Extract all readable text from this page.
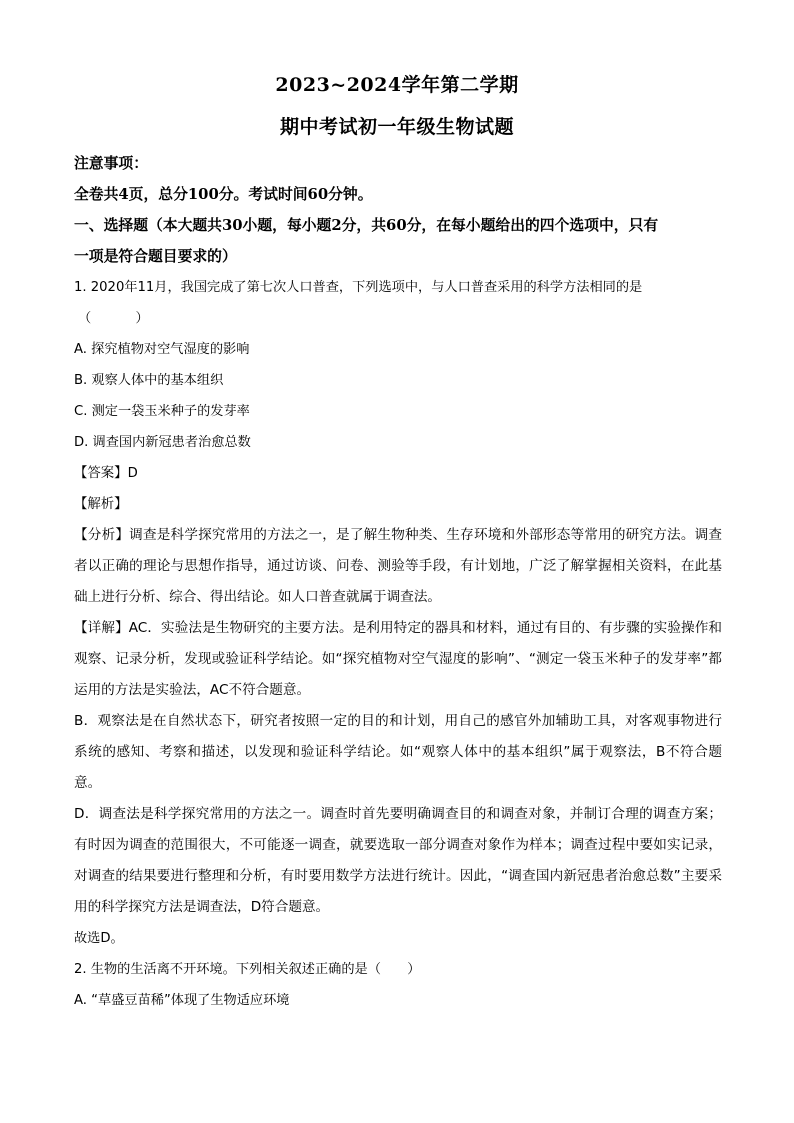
2023~2024学年第二学期
期中考试初一年级生物试题
注意事项：
全卷共4页，总分100分。考试时间60分钟。
一、选择题（本大题共30小题，每小题2分，共60分，在每小题给出的四个选项中，只有
一项是符合题目要求的）
1. 2020年11月，我国完成了第七次人口普查，下列选项中，与人口普查采用的科学方法相同的是
（　　）
A. 探究植物对空气湿度的影响
B. 观察人体中的基本组织
C. 测定一袋玉米种子的发芽率
D. 调查国内新冠患者治愈总数
【答案】D
【解析】
【分析】调查是科学探究常用的方法之一，是了解生物种类、生存环境和外部形态等常用的研究方法。调查者以正确的理论与思想作指导，通过访谈、问卷、测验等手段，有计划地，广泛了解掌握相关资料，在此基础上进行分析、综合、得出结论。如人口普查就属于调查法。
【详解】AC．实验法是生物研究的主要方法。是利用特定的器具和材料，通过有目的、有步骤的实验操作和观察、记录分析，发现或验证科学结论。如“探究植物对空气湿度的影响”、“测定一袋玉米种子的发芽率”都运用的方法是实验法，AC不符合题意。
B．观察法是在自然状态下，研究者按照一定的目的和计划，用自己的感官外加辅助工具，对客观事物进行系统的感知、考察和描述，以发现和验证科学结论。如“观察人体中的基本组织”属于观察法，B不符合题意。
D．调查法是科学探究常用的方法之一。调查时首先要明确调查目的和调查对象，并制订合理的调查方案；有时因为调查的范围很大，不可能逐一调查，就要选取一部分调查对象作为样本；调查过程中要如实记录，对调查的结果要进行整理和分析，有时要用数学方法进行统计。因此，“调查国内新冠患者治愈总数”主要采用的科学探究方法是调查法，D符合题意。
故选D。
2. 生物的生活离不开环境。下列相关叙述正确的是（　　）
A. “草盛豆苗稀”体现了生物适应环境
